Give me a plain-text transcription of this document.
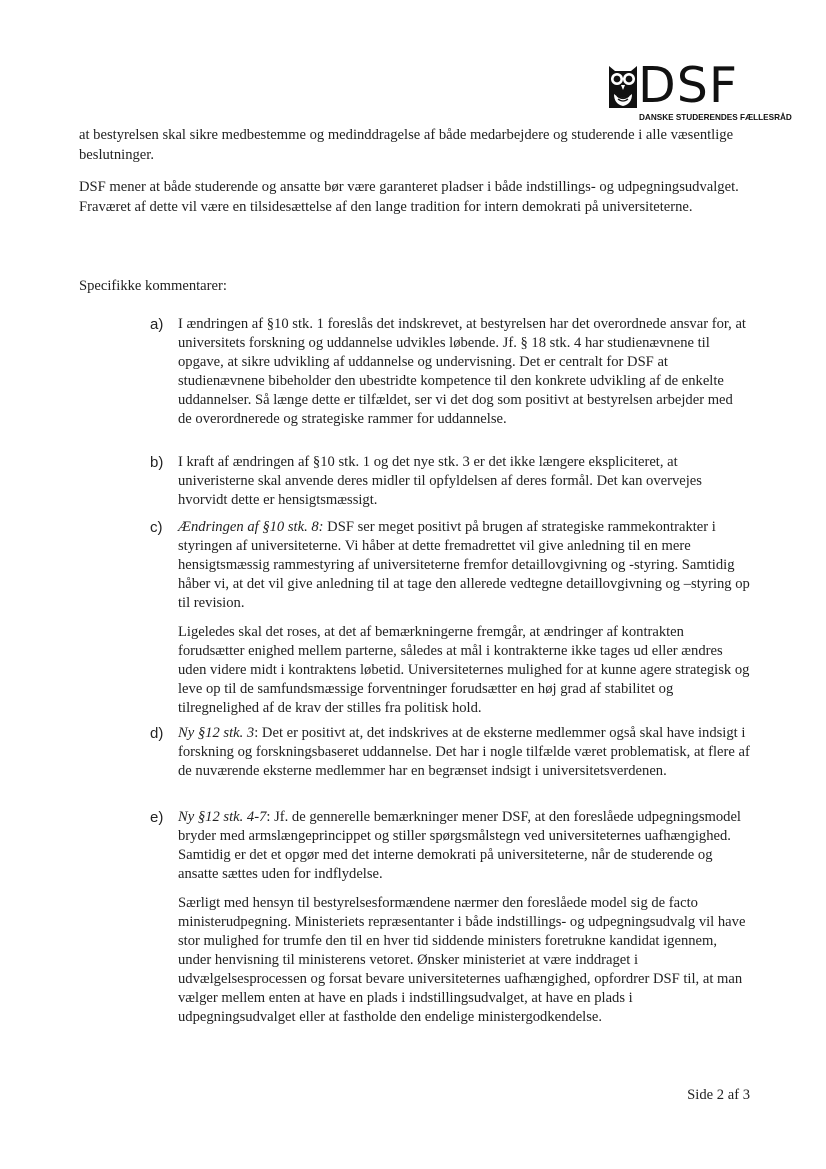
DSF
DANSKE STUDERENDES FÆLLESRÅD

at bestyrelsen skal sikre medbestemme og medinddragelse af både medarbejdere og studerende i alle væsentlige beslutninger.

DSF mener at både studerende og ansatte bør være garanteret pladser i både indstillings- og udpegningsudvalget. Fraværet af dette vil være en tilsidesættelse af den lange tradition for intern demokrati på universiteterne.

Specifikke kommentarer:
a)	I ændringen af §10 stk. 1 foreslås det indskrevet, at bestyrelsen har det overordnede ansvar for, at universitets forskning og uddannelse udvikles løbende. Jf. § 18 stk. 4 har studienævnene til opgave, at sikre udvikling af uddannelse og undervisning. Det er centralt for DSF at studienævnene bibeholder den ubestridte kompetence til den konkrete udvikling af de enkelte uddannelser. Så længe dette er tilfældet, ser vi det dog som positivt at bestyrelsen arbejder med de overordnerede og strategiske rammer for uddannelse.

b)	I kraft af ændringen af §10 stk. 1 og det nye stk. 3 er det ikke længere ekspliciteret, at univeristerne skal anvende deres midler til opfyldelsen af deres formål. Det kan overvejes hvorvidt dette er hensigtsmæssigt.

c)	Ændringen af §10 stk. 8: DSF ser meget positivt på brugen af strategiske rammekontrakter i styringen af universiteterne. Vi håber at dette fremadrettet vil give anledning til en mere hensigtsmæssig rammestyring af universiteterne fremfor detaillovgivning og -styring. Samtidig håber vi, at det vil give anledning til at tage den allerede vedtegne detaillovgivning og –styring op til revision.

Ligeledes skal det roses, at det af bemærkningerne fremgår, at ændringer af kontrakten forudsætter enighed mellem parterne, således at mål i kontrakterne ikke tages ud eller ændres uden videre midt i kontraktens løbetid. Universiteternes mulighed for at kunne agere strategisk og leve op til de samfundsmæssige forventninger forudsætter en høj grad af stabilitet og tilregnelighed af de krav der stilles fra politisk hold.

d)	Ny §12 stk. 3: Det er positivt at, det indskrives at de eksterne medlemmer også skal have indsigt i forskning og forskningsbaseret uddannelse. Det har i nogle tilfælde været problematisk, at flere af de nuværende eksterne medlemmer har en begrænset indsigt i universitetsverdenen.

e)	Ny §12 stk. 4-7: Jf. de gennerelle bemærkninger mener DSF, at den foreslåede udpegningsmodel bryder med armslængeprincippet og stiller spørgsmålstegn ved universiteternes uafhængighed. Samtidig er det et opgør med det interne demokrati på universiteterne, når de studerende og ansatte sættes uden for indflydelse.

Særligt med hensyn til bestyrelsesformændene nærmer den foreslåede model sig de facto ministerudpegning. Ministeriets repræsentanter i både indstillings- og udpegningsudvalg vil have stor mulighed for trumfe den til en hver tid siddende ministers foretrukne kandidat igennem, under henvisning til ministerens vetoret. Ønsker ministeriet at være inddraget i udvælgelsesprocessen og forsat bevare universiteternes uafhængighed, opfordrer DSF til, at man vælger mellem enten at have en plads i indstillingsudvalget, at have en plads i udpegningsudvalget eller at fastholde den endelige ministergodkendelse.

Side 2 af 3
